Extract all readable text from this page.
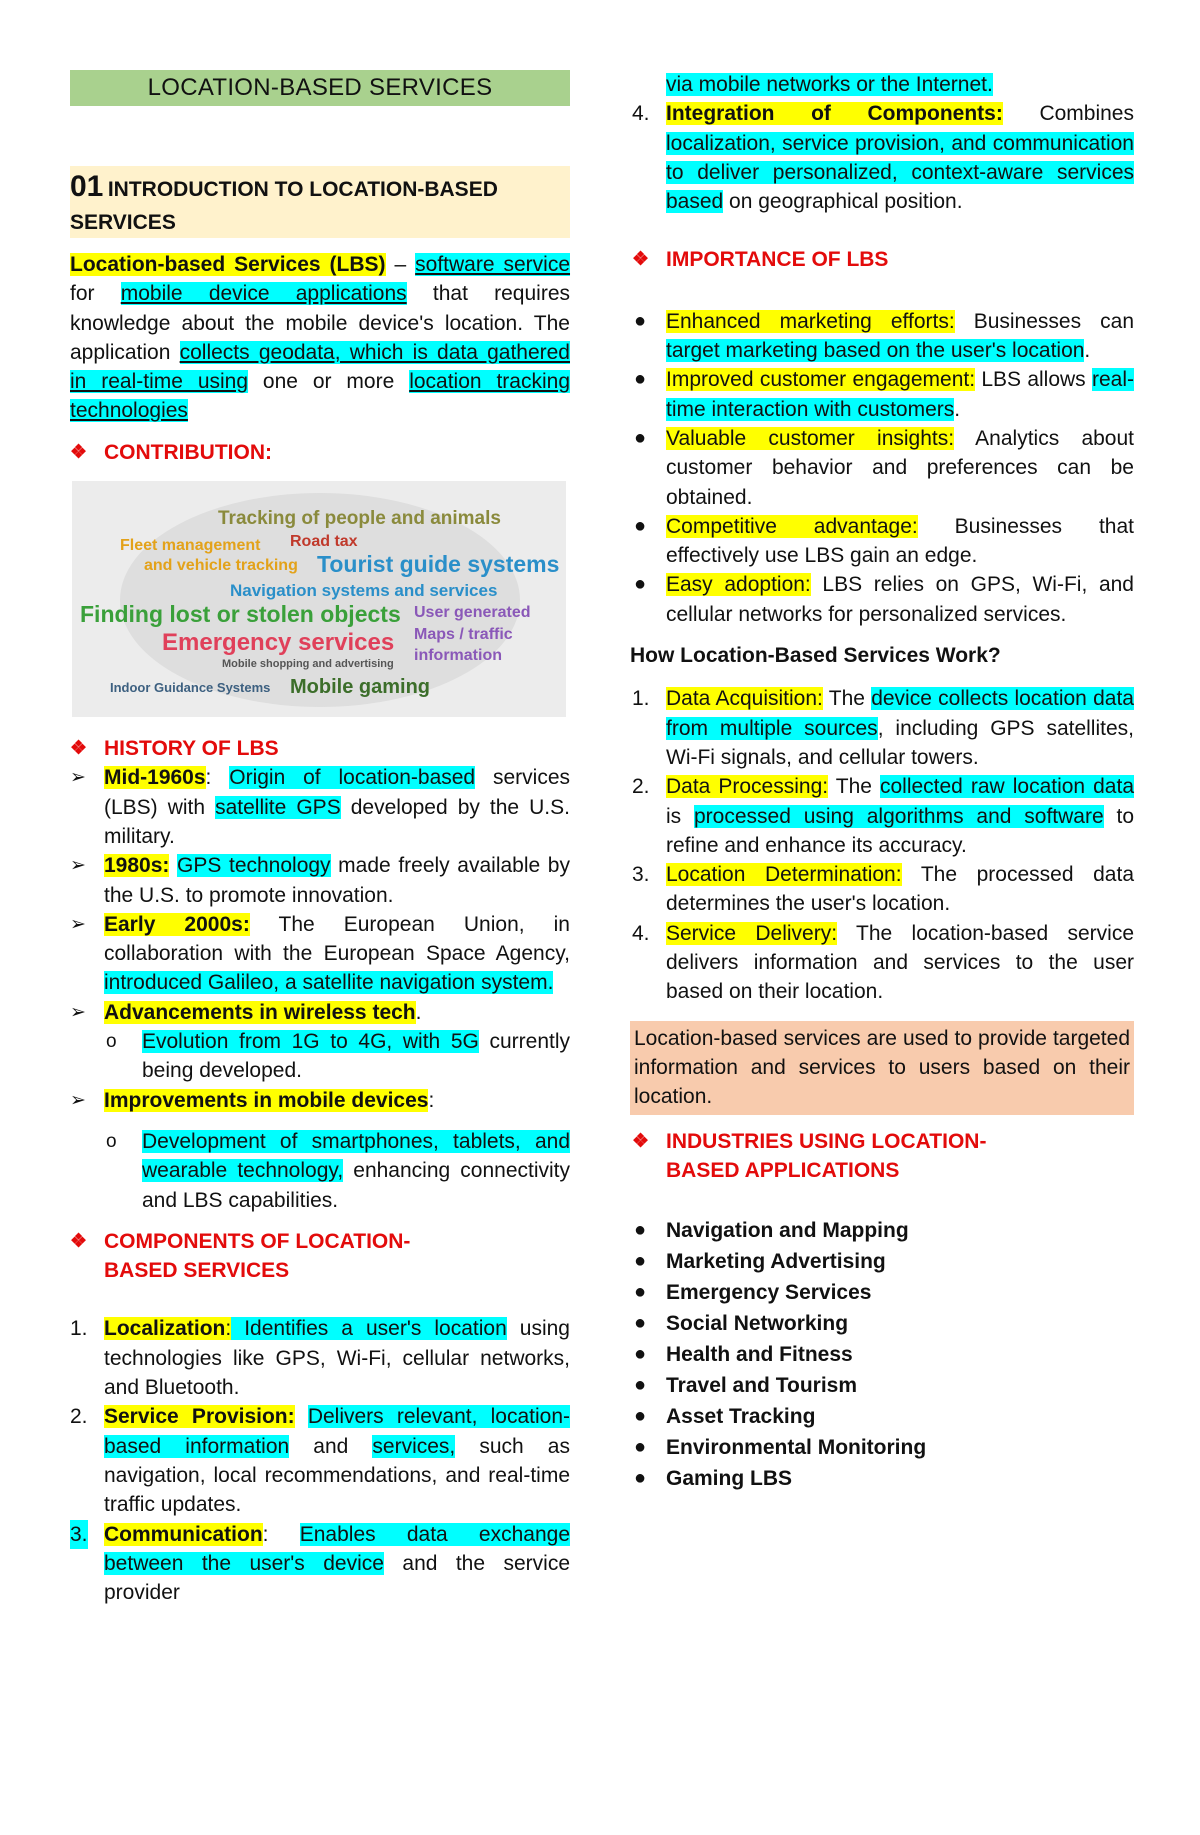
LOCATION-BASED SERVICES
01 INTRODUCTION TO LOCATION-BASED SERVICES

Location-based Services (LBS) – software service for mobile device applications that requires knowledge about the mobile device's location. The application collects geodata, which is data gathered in real-time using one or more location tracking technologies

❖ CONTRIBUTION:
Tracking of people and animals
Fleet management Road tax
and vehicle tracking Tourist guide systems
Navigation systems and services
Finding lost or stolen objects User generated
Emergency services Maps / traffic
information
Mobile shopping and advertising
Indoor Guidance Systems Mobile gaming
❖ HISTORY OF LBS
➢ Mid-1960s: Origin of location-based services (LBS) with satellite GPS developed by the U.S. military.
➢ 1980s: GPS technology made freely available by the U.S. to promote innovation.
➢ Early 2000s: The European Union, in collaboration with the European Space Agency, introduced Galileo, a satellite navigation system.
➢ Advancements in wireless tech.
o Evolution from 1G to 4G, with 5G currently being developed.
➢ Improvements in mobile devices:
o Development of smartphones, tablets, and wearable technology, enhancing connectivity and LBS capabilities.
❖ COMPONENTS OF LOCATION-BASED SERVICES
1. Localization: Identifies a user's location using technologies like GPS, Wi-Fi, cellular networks, and Bluetooth.
2. Service Provision: Delivers relevant, location-based information and services, such as navigation, local recommendations, and real-time traffic updates.
3. Communication: Enables data exchange between the user's device and the service provider

via mobile networks or the Internet.

4. Integration of Components: Combines localization, service provision, and communication to deliver personalized, context-aware services based on geographical position.
❖ IMPORTANCE OF LBS
● Enhanced marketing efforts: Businesses can target marketing based on the user's location.
● Improved customer engagement: LBS allows real-time interaction with customers.
● Valuable customer insights: Analytics about customer behavior and preferences can be obtained.
● Competitive advantage: Businesses that effectively use LBS gain an edge.
● Easy adoption: LBS relies on GPS, Wi-Fi, and cellular networks for personalized services.

How Location-Based Services Work?

1. Data Acquisition: The device collects location data from multiple sources, including GPS satellites, Wi-Fi signals, and cellular towers.
2. Data Processing: The collected raw location data is processed using algorithms and software to refine and enhance its accuracy.
3. Location Determination: The processed data determines the user's location.
4. Service Delivery: The location-based service delivers information and services to the user based on their location.

Location-based services are used to provide targeted information and services to users based on their location.

❖ INDUSTRIES USING LOCATION-BASED APPLICATIONS
● Navigation and Mapping
● Marketing Advertising
● Emergency Services
● Social Networking
● Health and Fitness
● Travel and Tourism
● Asset Tracking
● Environmental Monitoring
● Gaming LBS
